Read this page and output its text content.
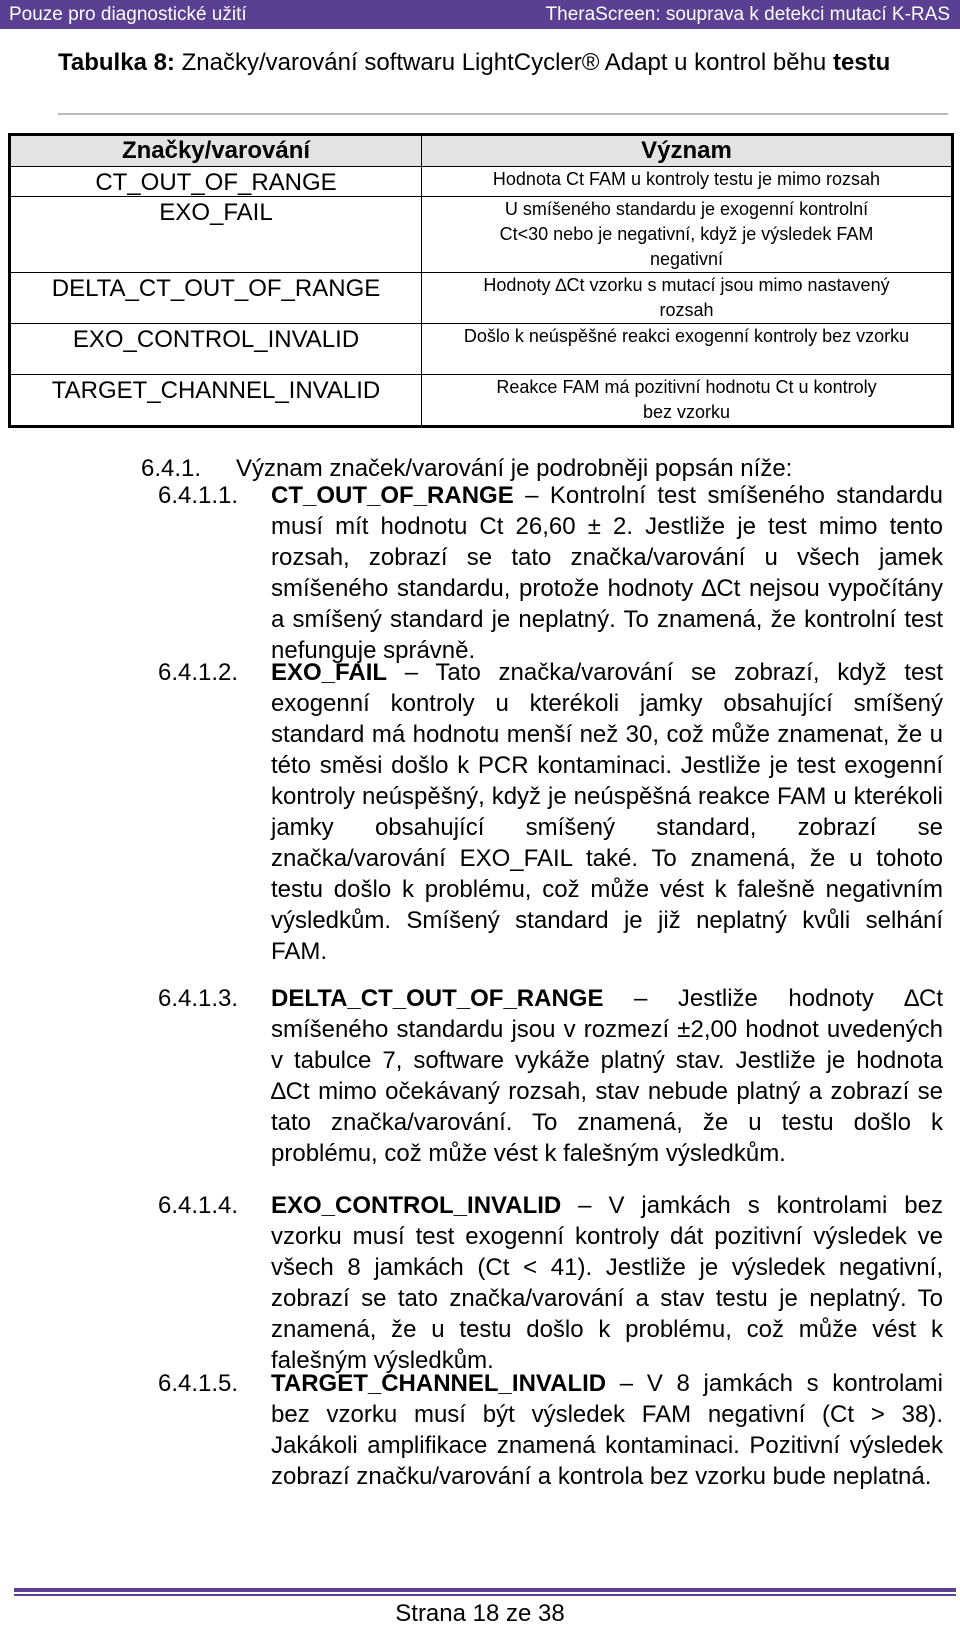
Pouze pro diagnostické užití	TheraScreen: souprava k detekci mutací K-RAS
Tabulka 8: Značky/varování softwaru LightCycler® Adapt u kontrol běhu testu
Značky/varování	Význam
CT_OUT_OF_RANGE	Hodnota Ct FAM u kontroly testu je mimo rozsah
EXO_FAIL	U smíšeného standardu je exogenní kontrolní Ct<30 nebo je negativní, když je výsledek FAM negativní
DELTA_CT_OUT_OF_RANGE	Hodnoty ∆Ct vzorku s mutací jsou mimo nastavený rozsah
EXO_CONTROL_INVALID	Došlo k neúspěšné reakci exogenní kontroly bez vzorku
TARGET_CHANNEL_INVALID	Reakce FAM má pozitivní hodnotu Ct u kontroly bez vzorku
6.4.1. Význam značek/varování je podrobněji popsán níže:
6.4.1.1. CT_OUT_OF_RANGE – Kontrolní test smíšeného standardu musí mít hodnotu Ct 26,60 ± 2. Jestliže je test mimo tento rozsah, zobrazí se tato značka/varování u všech jamek smíšeného standardu, protože hodnoty ∆Ct nejsou vypočítány a smíšený standard je neplatný. To znamená, že kontrolní test nefunguje správně.
6.4.1.2. EXO_FAIL – Tato značka/varování se zobrazí, když test exogenní kontroly u kterékoli jamky obsahující smíšený standard má hodnotu menší než 30, což může znamenat, že u této směsi došlo k PCR kontaminaci. Jestliže je test exogenní kontroly neúspěšný, když je neúspěšná reakce FAM u kterékoli jamky obsahující smíšený standard, zobrazí se značka/varování EXO_FAIL také. To znamená, že u tohoto testu došlo k problému, což může vést k falešně negativním výsledkům. Smíšený standard je již neplatný kvůli selhání FAM.
6.4.1.3. DELTA_CT_OUT_OF_RANGE – Jestliže hodnoty ∆Ct smíšeného standardu jsou v rozmezí ±2,00 hodnot uvedených v tabulce 7, software vykáže platný stav. Jestliže je hodnota ∆Ct mimo očekávaný rozsah, stav nebude platný a zobrazí se tato značka/varování. To znamená, že u testu došlo k problému, což může vést k falešným výsledkům.
6.4.1.4. EXO_CONTROL_INVALID – V jamkách s kontrolami bez vzorku musí test exogenní kontroly dát pozitivní výsledek ve všech 8 jamkách (Ct < 41). Jestliže je výsledek negativní, zobrazí se tato značka/varování a stav testu je neplatný. To znamená, že u testu došlo k problému, což může vést k falešným výsledkům.
6.4.1.5. TARGET_CHANNEL_INVALID – V 8 jamkách s kontrolami bez vzorku musí být výsledek FAM negativní (Ct > 38). Jakákoli amplifikace znamená kontaminaci. Pozitivní výsledek zobrazí značku/varování a kontrola bez vzorku bude neplatná.
Strana 18 ze 38
